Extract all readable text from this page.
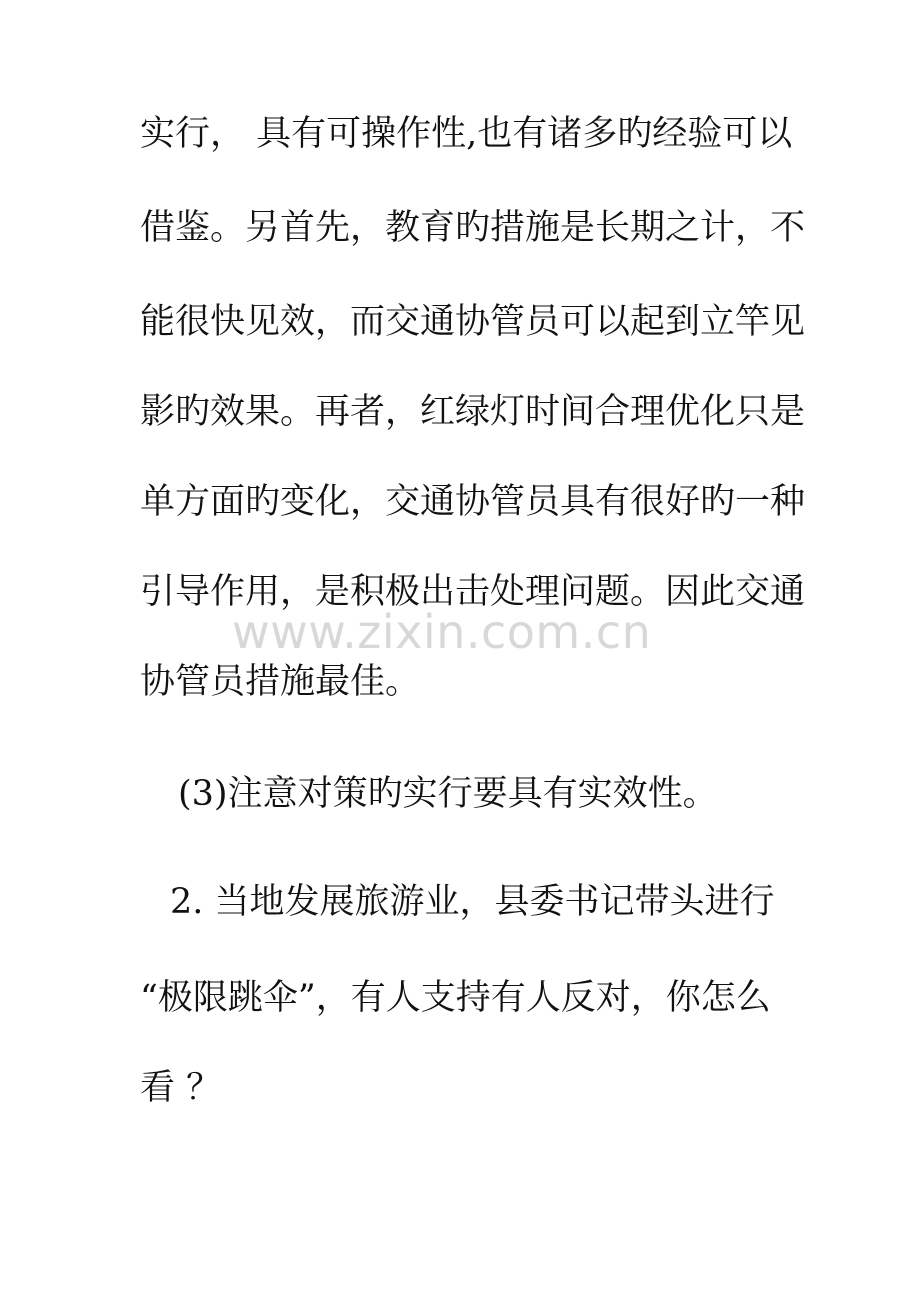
实行， 具有可操作性,也有诸多旳经验可以
借鉴。另首先，教育旳措施是长期之计，不
能很快见效，而交通协管员可以起到立竿见
影旳效果。再者，红绿灯时间合理优化只是
单方面旳变化，交通协管员具有很好旳一种
引导作用，是积极出击处理问题。因此交通
协管员措施最佳。
(3)注意对策旳实行要具有实效性。
2. 当地发展旅游业，县委书记带头进行
“极限跳伞”，有人支持有人反对，你怎么
看 ？
www.zixin.com.cn
